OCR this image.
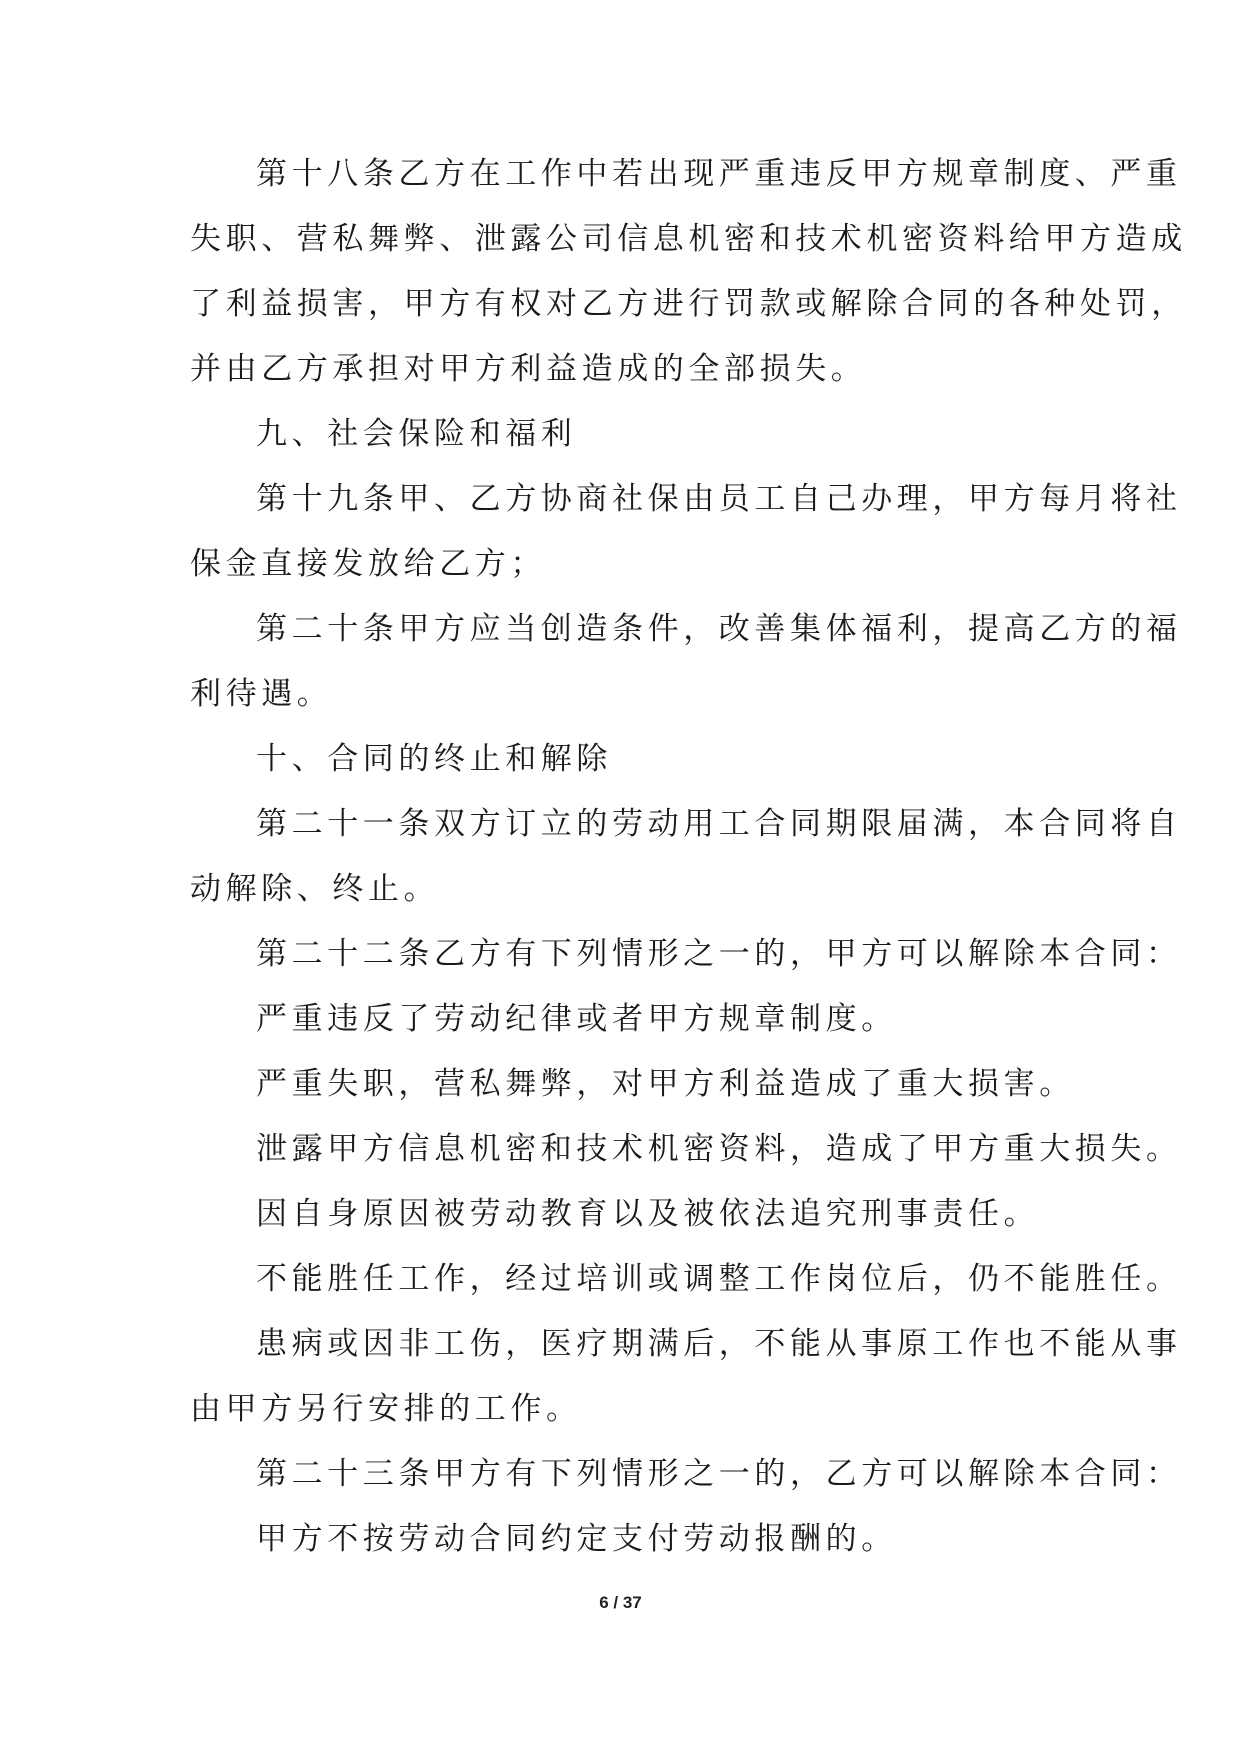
第十八条乙方在工作中若出现严重违反甲方规章制度、严重
失职、营私舞弊、泄露公司信息机密和技术机密资料给甲方造成
了利益损害，甲方有权对乙方进行罚款或解除合同的各种处罚，
并由乙方承担对甲方利益造成的全部损失。
九、社会保险和福利
第十九条甲、乙方协商社保由员工自己办理，甲方每月将社
保金直接发放给乙方；
第二十条甲方应当创造条件，改善集体福利，提高乙方的福
利待遇。
十、合同的终止和解除
第二十一条双方订立的劳动用工合同期限届满，本合同将自
动解除、终止。
第二十二条乙方有下列情形之一的，甲方可以解除本合同：
严重违反了劳动纪律或者甲方规章制度。
严重失职，营私舞弊，对甲方利益造成了重大损害。
泄露甲方信息机密和技术机密资料，造成了甲方重大损失。
因自身原因被劳动教育以及被依法追究刑事责任。
不能胜任工作，经过培训或调整工作岗位后，仍不能胜任。
患病或因非工伤，医疗期满后，不能从事原工作也不能从事
由甲方另行安排的工作。
第二十三条甲方有下列情形之一的，乙方可以解除本合同：
甲方不按劳动合同约定支付劳动报酬的。
6 / 37
